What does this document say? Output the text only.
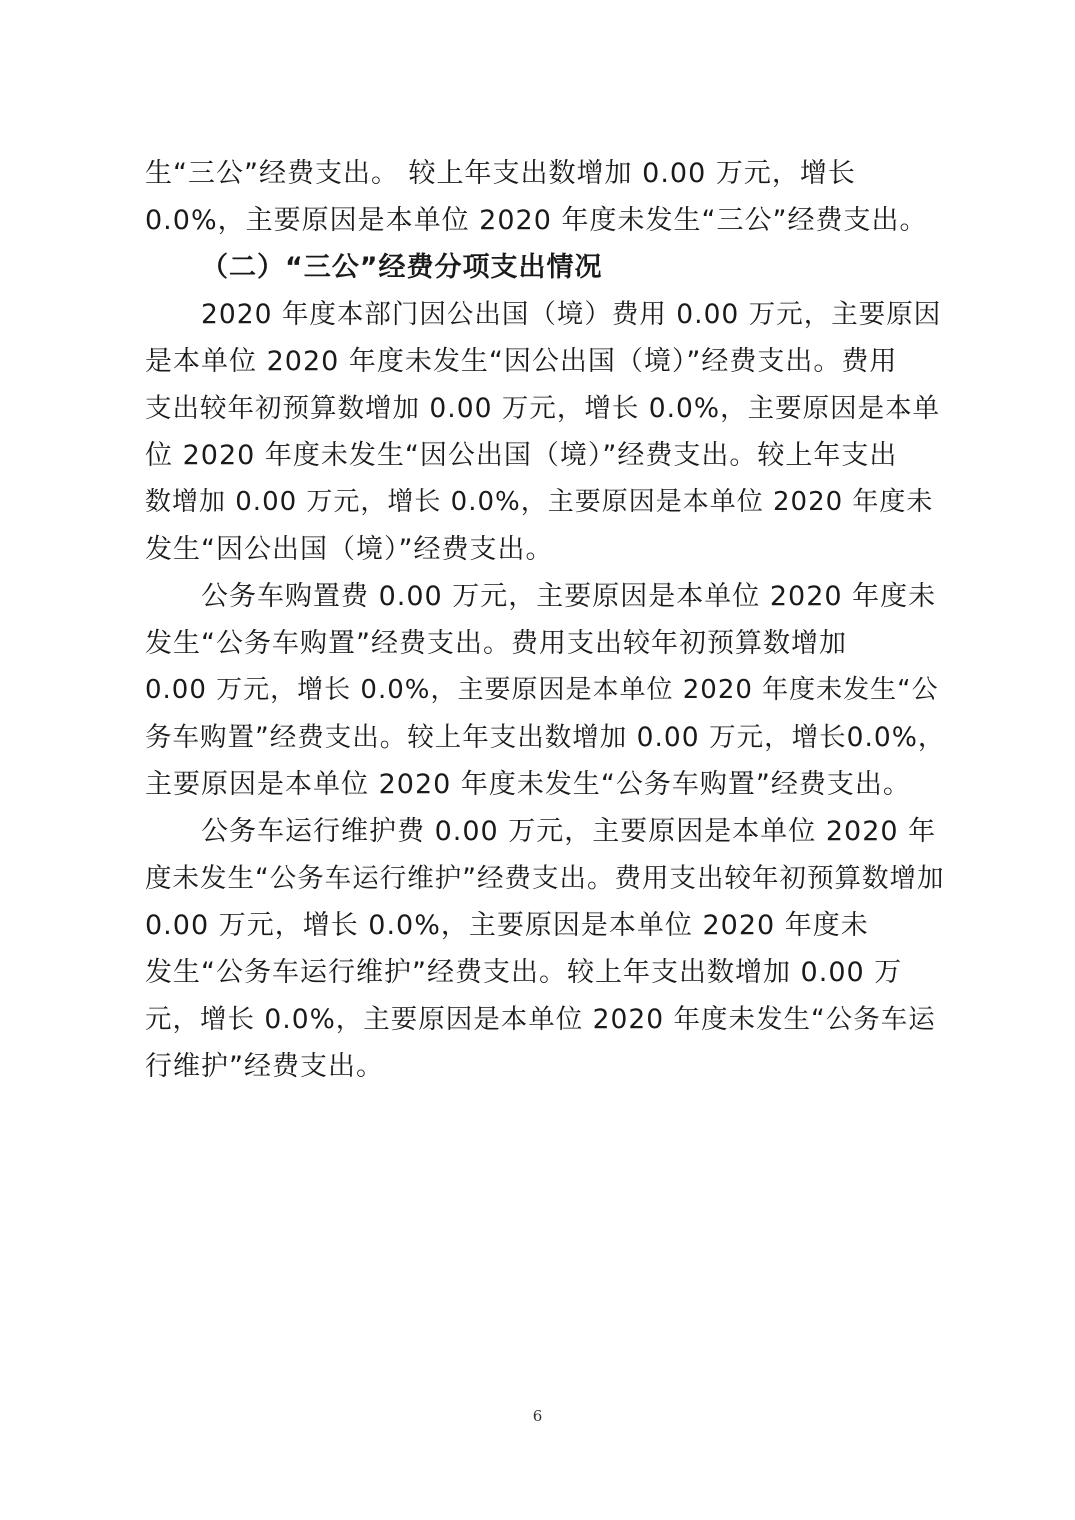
生“三公”经费支出。 较上年支出数增加 0.00 万元，增长
0.0%，主要原因是本单位 2020 年度未发生“三公”经费支出。
（二）“三公”经费分项支出情况
2020 年度本部门因公出国（境）费用 0.00 万元，主要原因
是本单位 2020 年度未发生“因公出国（境）”经费支出。费用
支出较年初预算数增加 0.00 万元，增长 0.0%，主要原因是本单
位 2020 年度未发生“因公出国（境）”经费支出。较上年支出
数增加 0.00 万元，增长 0.0%，主要原因是本单位 2020 年度未
发生“因公出国（境）”经费支出。
公务车购置费 0.00 万元，主要原因是本单位 2020 年度未
发生“公务车购置”经费支出。费用支出较年初预算数增加
0.00 万元，增长 0.0%，主要原因是本单位 2020 年度未发生“公
务车购置”经费支出。较上年支出数增加 0.00 万元，增长0.0%，
主要原因是本单位 2020 年度未发生“公务车购置”经费支出。
公务车运行维护费 0.00 万元，主要原因是本单位 2020 年
度未发生“公务车运行维护”经费支出。费用支出较年初预算数增加
0.00 万元，增长 0.0%，主要原因是本单位 2020 年度未
发生“公务车运行维护”经费支出。较上年支出数增加 0.00 万
元，增长 0.0%，主要原因是本单位 2020 年度未发生“公务车运
行维护”经费支出。
6
